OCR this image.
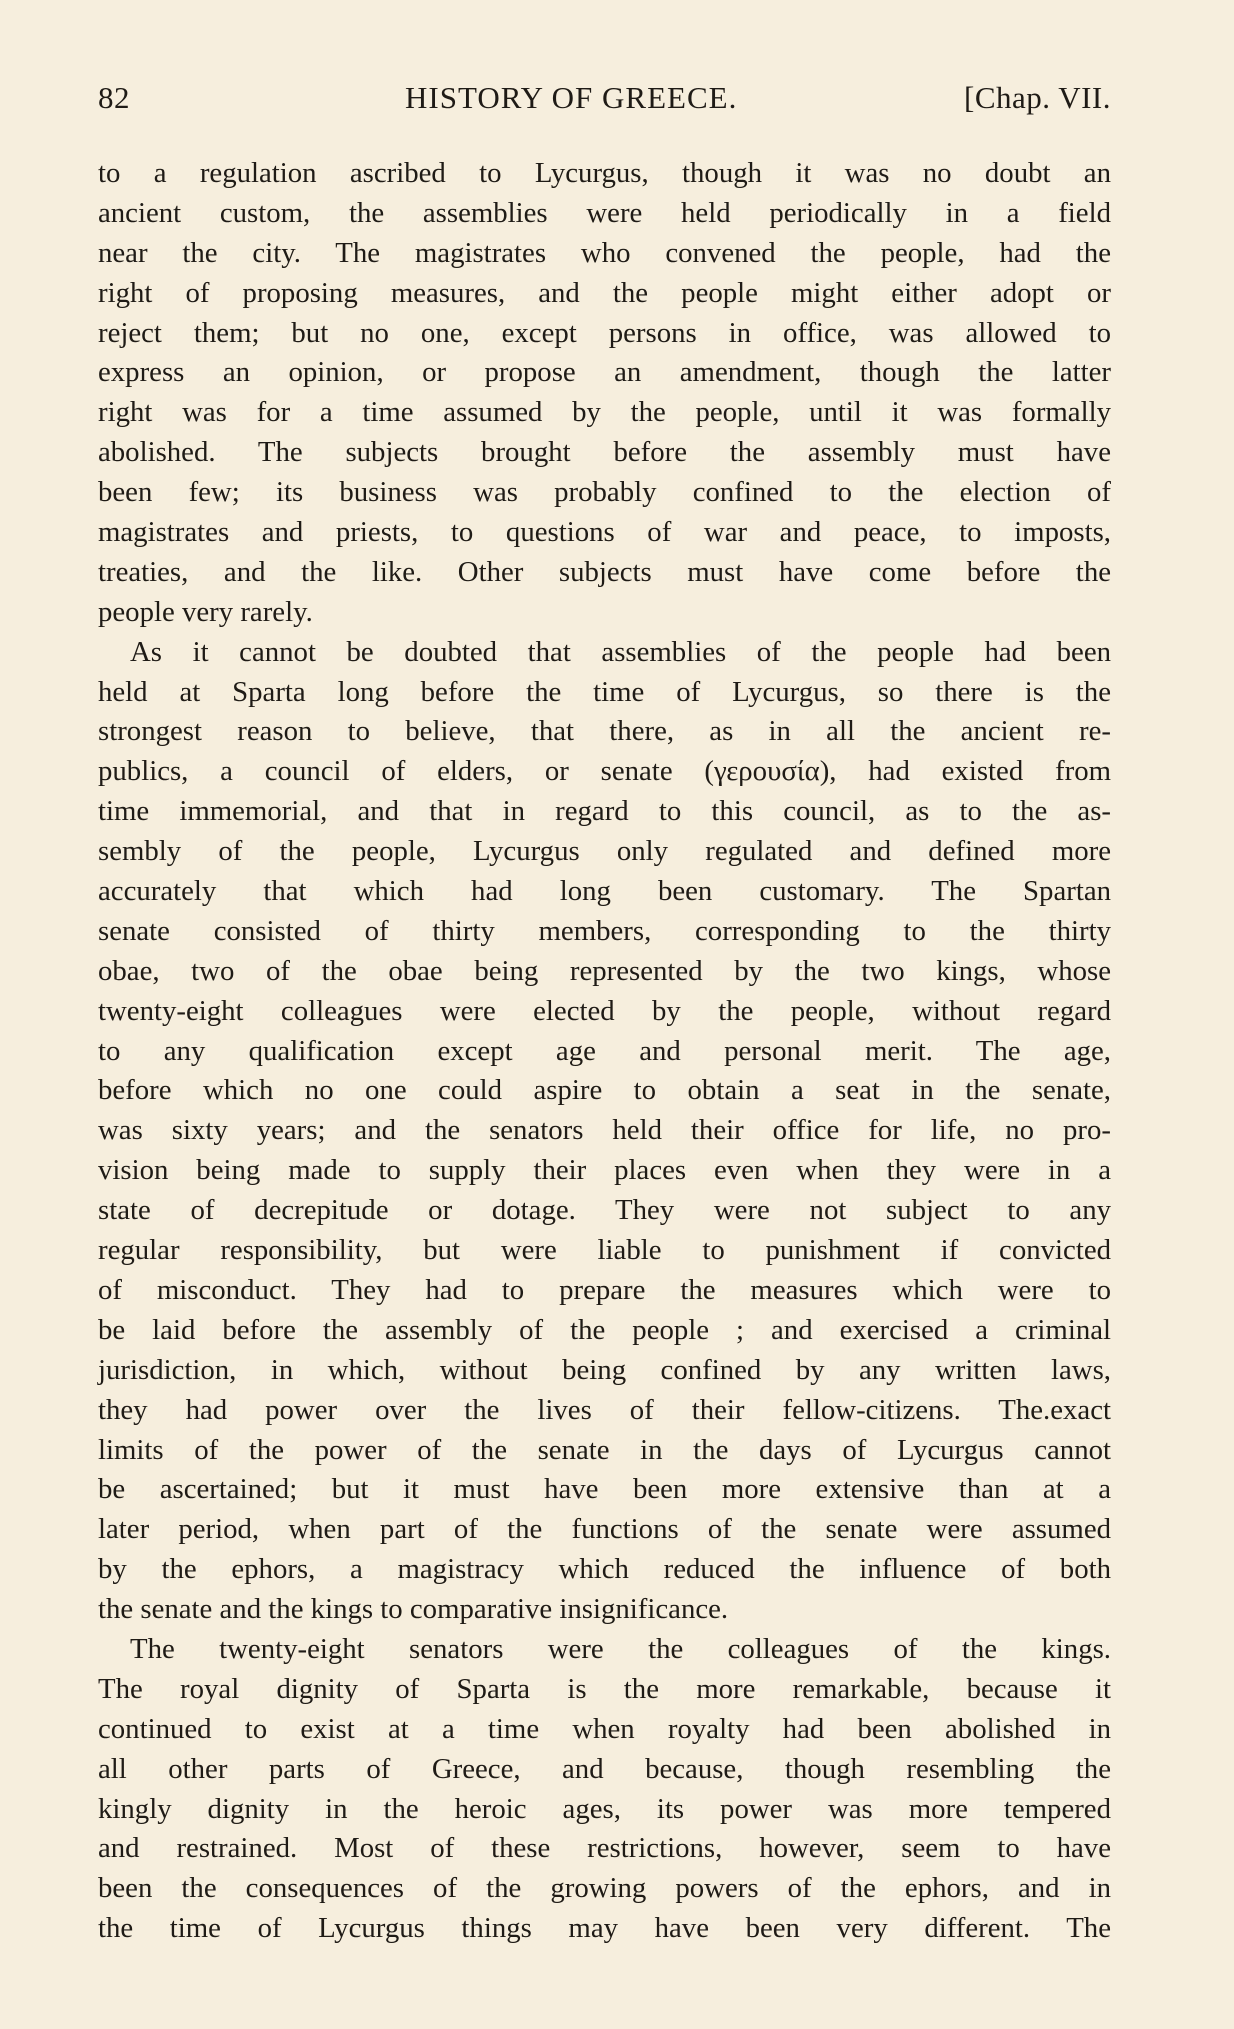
82	HISTORY OF GREECE.	[Chap. VII.
to a regulation ascribed to Lycurgus, though it was no doubt an
ancient custom, the assemblies were held periodically in a field
near the city. The magistrates who convened the people, had the
right of proposing measures, and the people might either adopt or
reject them; but no one, except persons in office, was allowed to
express an opinion, or propose an amendment, though the latter
right was for a time assumed by the people, until it was formally
abolished. The subjects brought before the assembly must have
been few; its business was probably confined to the election of
magistrates and priests, to questions of war and peace, to imposts,
treaties, and the like. Other subjects must have come before the
people very rarely.
As it cannot be doubted that assemblies of the people had been
held at Sparta long before the time of Lycurgus, so there is the
strongest reason to believe, that there, as in all the ancient re-
publics, a council of elders, or senate (γερουσία), had existed from
time immemorial, and that in regard to this council, as to the as-
sembly of the people, Lycurgus only regulated and defined more
accurately that which had long been customary. The Spartan
senate consisted of thirty members, corresponding to the thirty
obae, two of the obae being represented by the two kings, whose
twenty-eight colleagues were elected by the people, without regard
to any qualification except age and personal merit. The age,
before which no one could aspire to obtain a seat in the senate,
was sixty years; and the senators held their office for life, no pro-
vision being made to supply their places even when they were in a
state of decrepitude or dotage. They were not subject to any
regular responsibility, but were liable to punishment if convicted
of misconduct. They had to prepare the measures which were to
be laid before the assembly of the people ; and exercised a criminal
jurisdiction, in which, without being confined by any written laws,
they had power over the lives of their fellow-citizens. The.exact
limits of the power of the senate in the days of Lycurgus cannot
be ascertained; but it must have been more extensive than at a
later period, when part of the functions of the senate were assumed
by the ephors, a magistracy which reduced the influence of both
the senate and the kings to comparative insignificance.
The twenty-eight senators were the colleagues of the kings.
The royal dignity of Sparta is the more remarkable, because it
continued to exist at a time when royalty had been abolished in
all other parts of Greece, and because, though resembling the
kingly dignity in the heroic ages, its power was more tempered
and restrained. Most of these restrictions, however, seem to have
been the consequences of the growing powers of the ephors, and in
the time of Lycurgus things may have been very different. The
